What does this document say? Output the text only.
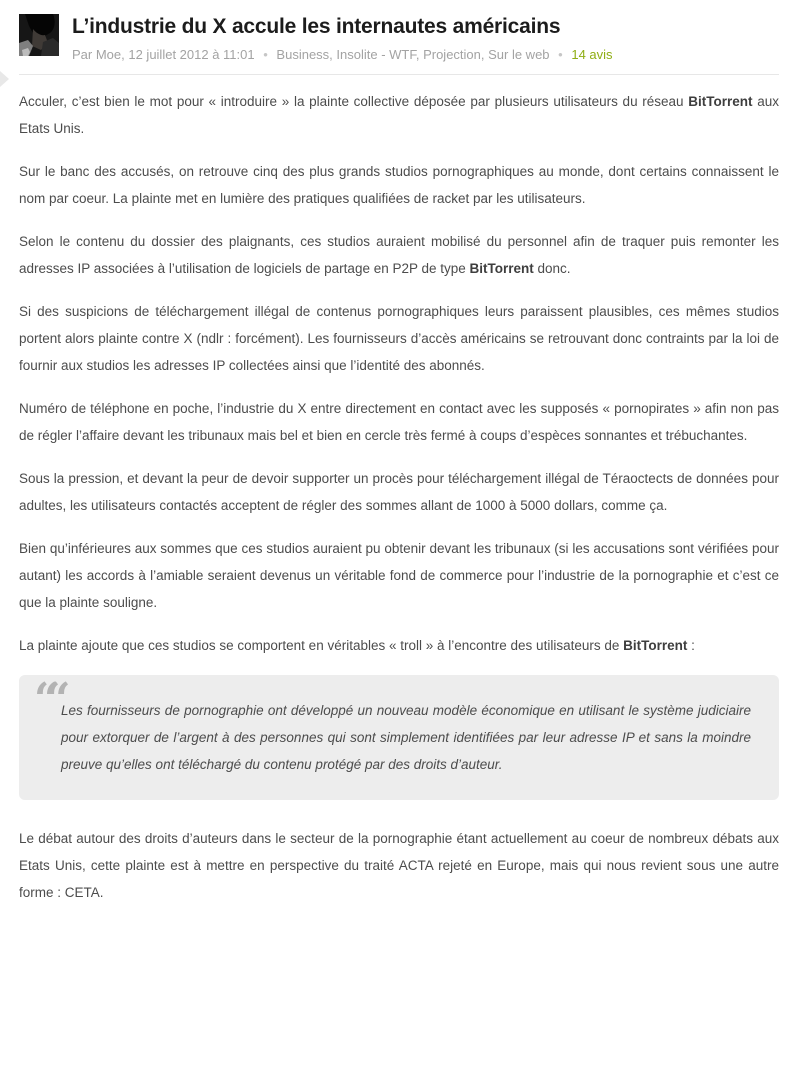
L’industrie du X accule les internautes américains
Par Moe, 12 juillet 2012 à 11:01 • Business, Insolite - WTF, Projection, Sur le web • 14 avis

Acculer, c’est bien le mot pour « introduire » la plainte collective déposée par plusieurs utilisateurs du réseau BitTorrent aux Etats Unis.

Sur le banc des accusés, on retrouve cinq des plus grands studios pornographiques au monde, dont certains connaissent le nom par coeur. La plainte met en lumière des pratiques qualifiées de racket par les utilisateurs.

Selon le contenu du dossier des plaignants, ces studios auraient mobilisé du personnel afin de traquer puis remonter les adresses IP associées à l’utilisation de logiciels de partage en P2P de type BitTorrent donc.

Si des suspicions de téléchargement illégal de contenus pornographiques leurs paraissent plausibles, ces mêmes studios portent alors plainte contre X (ndlr : forcément). Les fournisseurs d’accès américains se retrouvant donc contraints par la loi de fournir aux studios les adresses IP collectées ainsi que l’identité des abonnés.

Numéro de téléphone en poche, l’industrie du X entre directement en contact avec les supposés « pornopirates » afin non pas de régler l’affaire devant les tribunaux mais bel et bien en cercle très fermé à coups d’espèces sonnantes et trébuchantes.

Sous la pression, et devant la peur de devoir supporter un procès pour téléchargement illégal de Téraoctects de données pour adultes, les utilisateurs contactés acceptent de régler des sommes allant de 1000 à 5000 dollars, comme ça.

Bien qu’inférieures aux sommes que ces studios auraient pu obtenir devant les tribunaux (si les accusations sont vérifiées pour autant) les accords à l’amiable seraient devenus un véritable fond de commerce pour l’industrie de la pornographie et c’est ce que la plainte souligne.

La plainte ajoute que ces studios se comportent en véritables « troll » à l’encontre des utilisateurs de BitTorrent :

““ Les fournisseurs de pornographie ont développé un nouveau modèle économique en utilisant le système judiciaire pour extorquer de l’argent à des personnes qui sont simplement identifiées par leur adresse IP et sans la moindre preuve qu’elles ont téléchargé du contenu protégé par des droits d’auteur.

Le débat autour des droits d’auteurs dans le secteur de la pornographie étant actuellement au coeur de nombreux débats aux Etats Unis, cette plainte est à mettre en perspective du traité ACTA rejeté en Europe, mais qui nous revient sous une autre forme : CETA.
